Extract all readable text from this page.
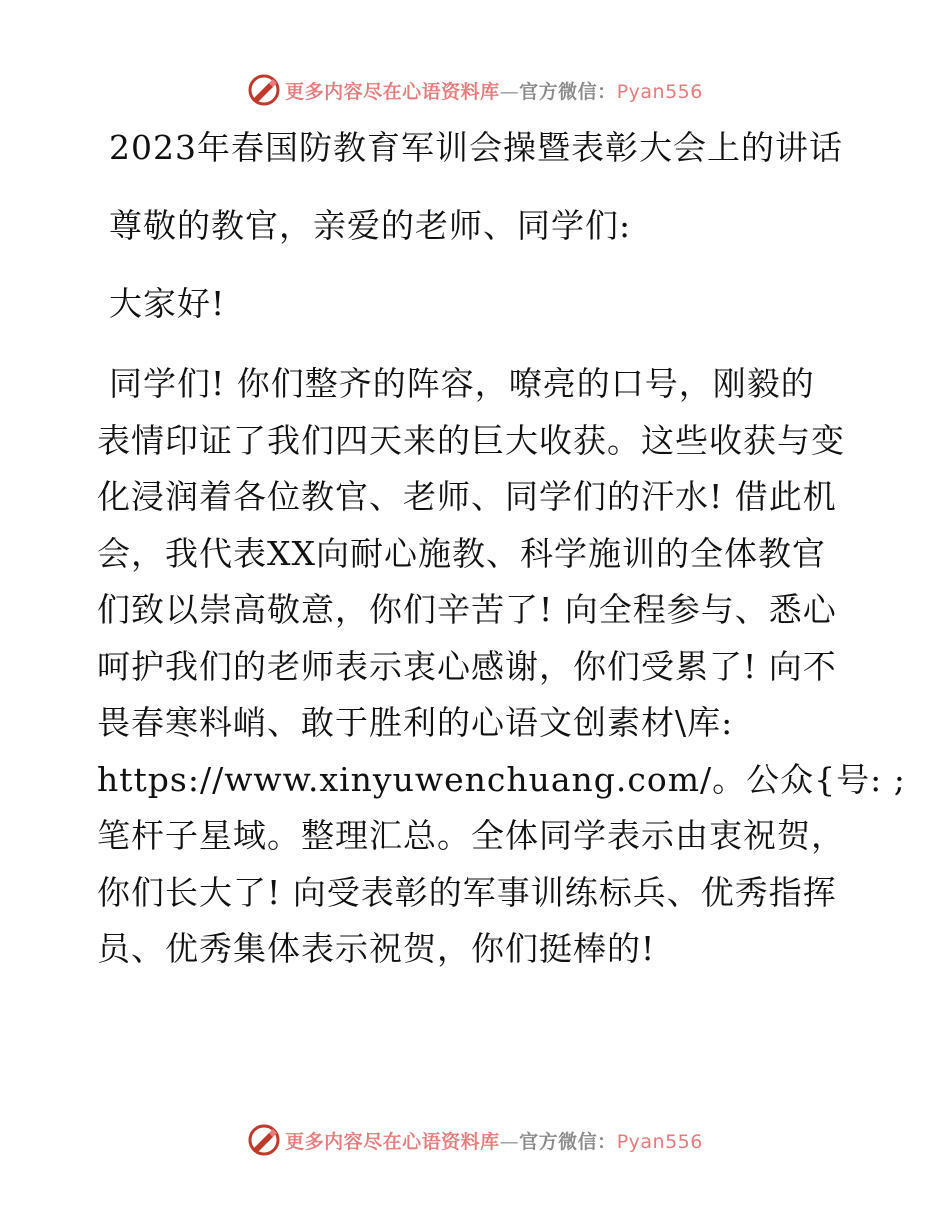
更多内容尽在心语资料库—官方微信：Pyan556
2023年春国防教育军训会操暨表彰大会上的讲话
尊敬的教官，亲爱的老师、同学们:
大家好!
同学们! 你们整齐的阵容，嘹亮的口号，刚毅的
表情印证了我们四天来的巨大收获。这些收获与变
化浸润着各位教官、老师、同学们的汗水! 借此机
会，我代表XX向耐心施教、科学施训的全体教官
们致以崇高敬意，你们辛苦了! 向全程参与、悉心
呵护我们的老师表示衷心感谢，你们受累了! 向不
畏春寒料峭、敢于胜利的心语文创素材\库:
https://www.xinyuwenchuang.com/。公众{号: ;
笔杆子星域。整理汇总。全体同学表示由衷祝贺，
你们长大了! 向受表彰的军事训练标兵、优秀指挥
员、优秀集体表示祝贺，你们挺棒的!
更多内容尽在心语资料库—官方微信：Pyan556
